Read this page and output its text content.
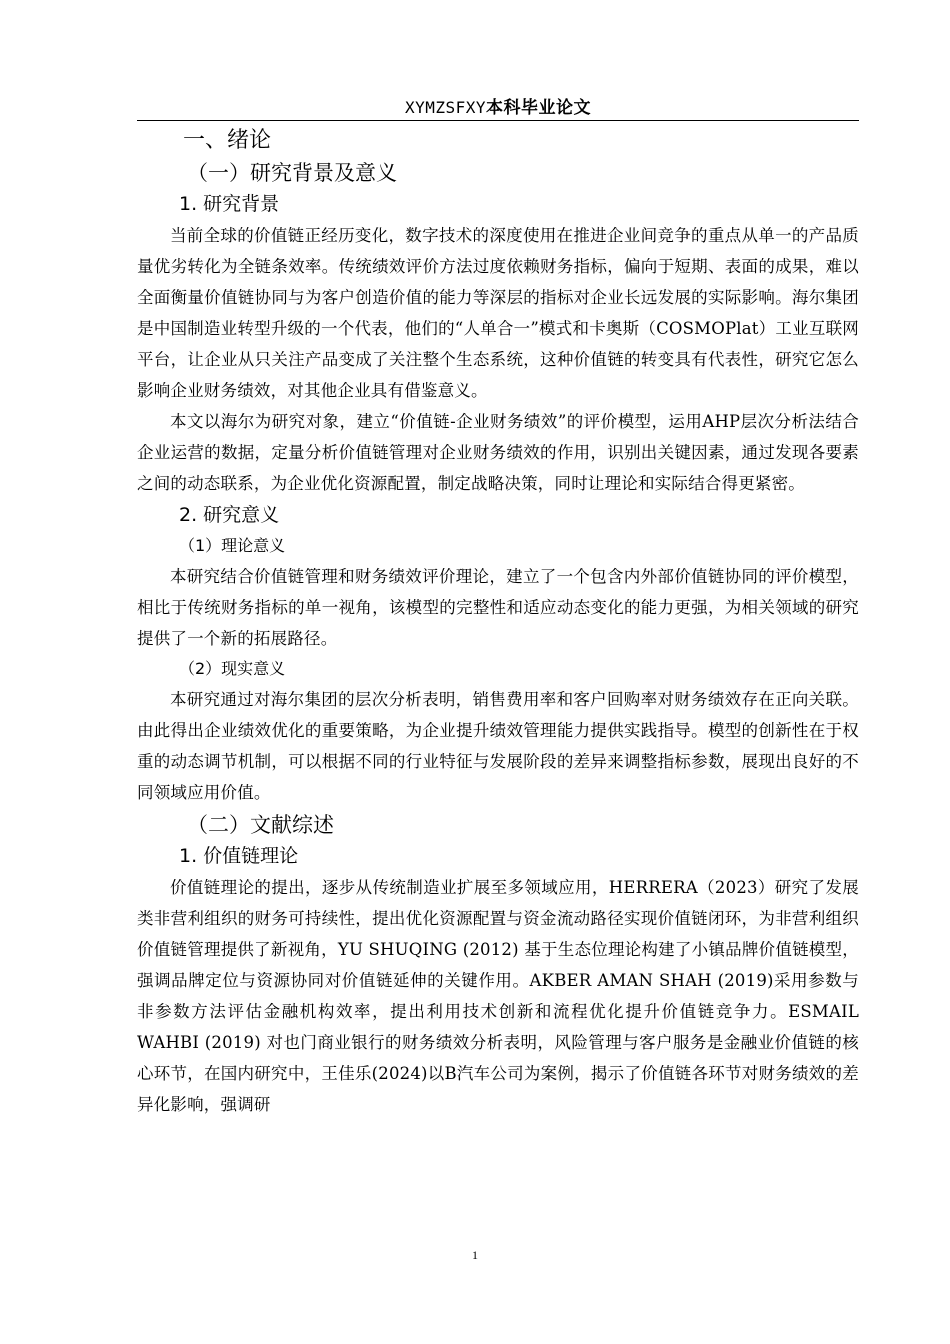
XYMZSFXY本科毕业论文
一、绪论
（一）研究背景及意义
1. 研究背景

当前全球的价值链正经历变化，数字技术的深度使用在推进企业间竞争的重点从单一的产品质量优劣转化为全链条效率。传统绩效评价方法过度依赖财务指标，偏向于短期、表面的成果，难以全面衡量价值链协同与为客户创造价值的能力等深层的指标对企业长远发展的实际影响。海尔集团是中国制造业转型升级的一个代表，他们的“人单合一”模式和卡奥斯（COSMOPlat）工业互联网平台，让企业从只关注产品变成了关注整个生态系统，这种价值链的转变具有代表性，研究它怎么影响企业财务绩效，对其他企业具有借鉴意义。

本文以海尔为研究对象，建立“价值链-企业财务绩效”的评价模型，运用AHP层次分析法结合企业运营的数据，定量分析价值链管理对企业财务绩效的作用，识别出关键因素，通过发现各要素之间的动态联系，为企业优化资源配置，制定战略决策，同时让理论和实际结合得更紧密。

2. 研究意义
（1）理论意义

本研究结合价值链管理和财务绩效评价理论，建立了一个包含内外部价值链协同的评价模型，相比于传统财务指标的单一视角，该模型的完整性和适应动态变化的能力更强，为相关领域的研究提供了一个新的拓展路径。

（2）现实意义

本研究通过对海尔集团的层次分析表明，销售费用率和客户回购率对财务绩效存在正向关联。由此得出企业绩效优化的重要策略，为企业提升绩效管理能力提供实践指导。模型的创新性在于权重的动态调节机制，可以根据不同的行业特征与发展阶段的差异来调整指标参数，展现出良好的不同领域应用价值。

（二）文献综述
1. 价值链理论

价值链理论的提出，逐步从传统制造业扩展至多领域应用，HERRERA（2023）研究了发展类非营利组织的财务可持续性，提出优化资源配置与资金流动路径实现价值链闭环，为非营利组织价值链管理提供了新视角，YU SHUQING (2012) 基于生态位理论构建了小镇品牌价值链模型，强调品牌定位与资源协同对价值链延伸的关键作用。AKBER AMAN SHAH (2019)采用参数与非参数方法评估金融机构效率，提出利用技术创新和流程优化提升价值链竞争力。ESMAIL WAHBI (2019) 对也门商业银行的财务绩效分析表明，风险管理与客户服务是金融业价值链的核心环节，在国内研究中，王佳乐(2024)以B汽车公司为案例，揭示了价值链各环节对财务绩效的差异化影响，强调研

1
